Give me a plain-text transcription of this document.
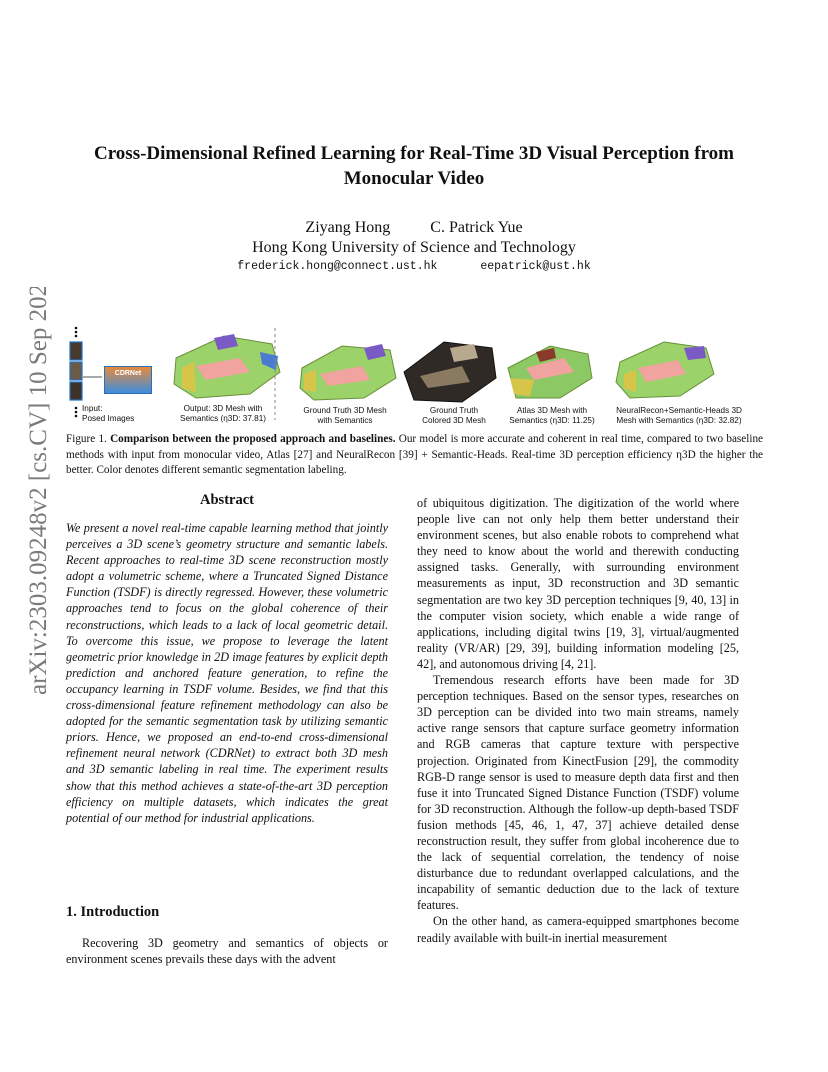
arXiv:2303.09248v2 [cs.CV] 10 Sep 2023
Cross-Dimensional Refined Learning for Real-Time 3D Visual Perception from
Monocular Video
Ziyang Hong	C. Patrick Yue
Hong Kong University of Science and Technology
frederick.hong@connect.ust.hk	eepatrick@ust.hk
CDRNet
Input:
Posed Images
Output: 3D Mesh with
Semantics (η3D: 37.81)
Ground Truth 3D Mesh
with Semantics
Ground Truth
Colored 3D Mesh
Atlas 3D Mesh with
Semantics (η3D: 11.25)
NeuralRecon+Semantic-Heads 3D
Mesh with Semantics (η3D: 32.82)
Figure 1. Comparison between the proposed approach and baselines. Our model is more accurate and coherent in real time, compared to two baseline methods with input from monocular video, Atlas [27] and NeuralRecon [39] + Semantic-Heads. Real-time 3D perception efficiency η3D the higher the better. Color denotes different semantic segmentation labeling.
Abstract
We present a novel real-time capable learning method that jointly perceives a 3D scene’s geometry structure and semantic labels. Recent approaches to real-time 3D scene reconstruction mostly adopt a volumetric scheme, where a Truncated Signed Distance Function (TSDF) is directly regressed. However, these volumetric approaches tend to focus on the global coherence of their reconstructions, which leads to a lack of local geometric detail. To overcome this issue, we propose to leverage the latent geometric prior knowledge in 2D image features by explicit depth prediction and anchored feature generation, to refine the occupancy learning in TSDF volume. Besides, we find that this cross-dimensional feature refinement methodology can also be adopted for the semantic segmentation task by utilizing semantic priors. Hence, we proposed an end-to-end cross-dimensional refinement neural network (CDRNet) to extract both 3D mesh and 3D semantic labeling in real time. The experiment results show that this method achieves a state-of-the-art 3D perception efficiency on multiple datasets, which indicates the great potential of our method for industrial applications.
1. Introduction
Recovering 3D geometry and semantics of objects or environment scenes prevails these days with the advent

of ubiquitous digitization. The digitization of the world where people live can not only help them better understand their environment scenes, but also enable robots to comprehend what they need to know about the world and therewith conducting assigned tasks. Generally, with surrounding environment measurements as input, 3D reconstruction and 3D semantic segmentation are two key 3D perception techniques [9, 40, 13] in the computer vision society, which enable a wide range of applications, including digital twins [19, 3], virtual/augmented reality (VR/AR) [29, 39], building information modeling [25, 42], and autonomous driving [4, 21].

Tremendous research efforts have been made for 3D perception techniques. Based on the sensor types, researches on 3D perception can be divided into two main streams, namely active range sensors that capture surface geometry information and RGB cameras that capture texture with perspective projection. Originated from KinectFusion [29], the commodity RGB-D range sensor is used to measure depth data first and then fuse it into Truncated Signed Distance Function (TSDF) volume for 3D reconstruction. Although the follow-up depth-based TSDF fusion methods [45, 46, 1, 47, 37] achieve detailed dense reconstruction result, they suffer from global incoherence due to the lack of sequential correlation, the tendency of noise disturbance due to redundant overlapped calculations, and the incapability of semantic deduction due to the lack of texture features.

On the other hand, as camera-equipped smartphones become readily available with built-in inertial measurement
